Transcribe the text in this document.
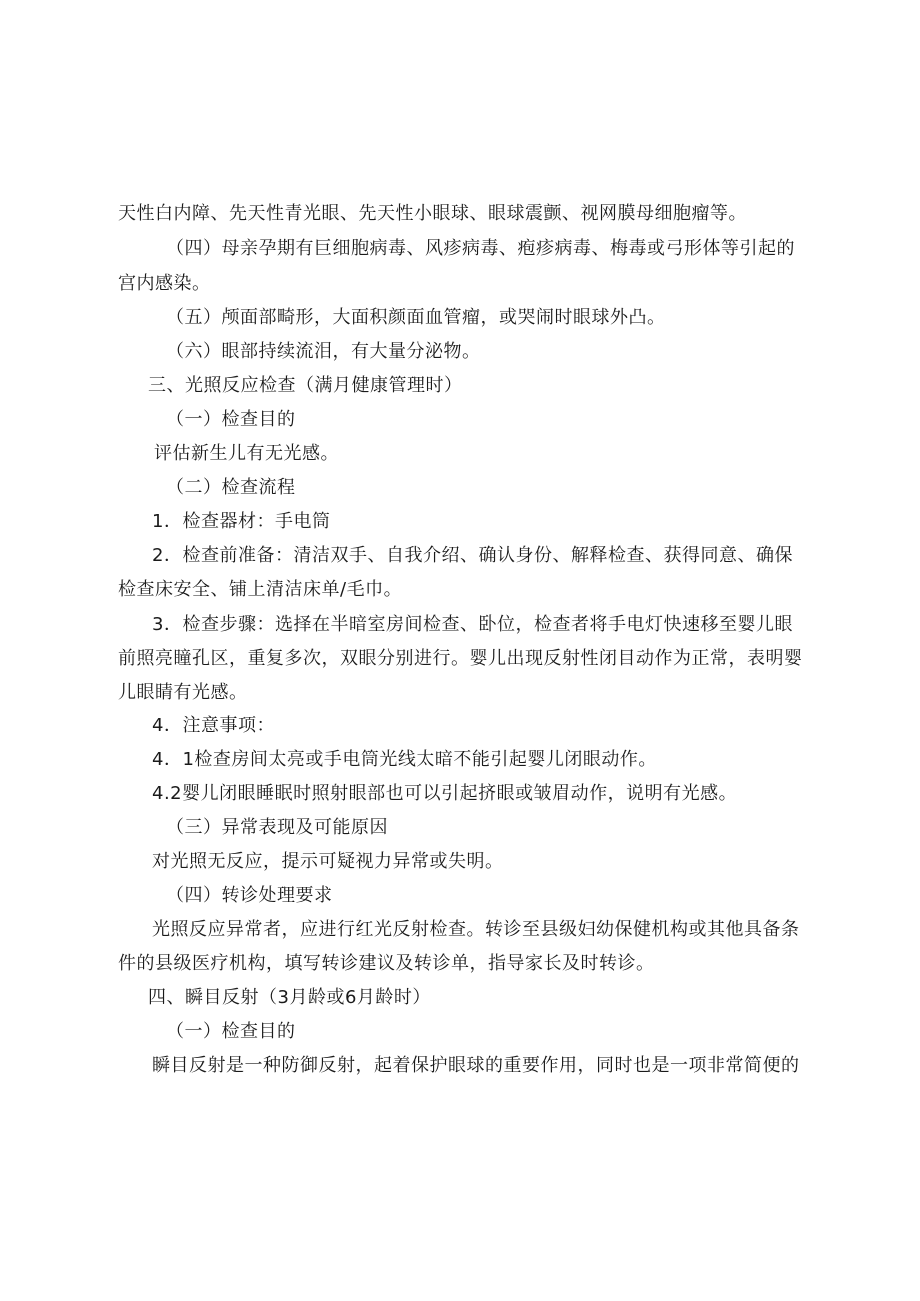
天性白内障、先天性青光眼、先天性小眼球、眼球震颤、视网膜母细胞瘤等。
（四）母亲孕期有巨细胞病毒、风疹病毒、疱疹病毒、梅毒或弓形体等引起的
宫内感染。
（五）颅面部畸形，大面积颜面血管瘤，或哭闹时眼球外凸。
（六）眼部持续流泪，有大量分泌物。
三、光照反应检查（满月健康管理时）
（一）检查目的
评估新生儿有无光感。
（二）检查流程
1．检查器材：手电筒
2．检查前准备：清洁双手、自我介绍、确认身份、解释检查、获得同意、确保
检查床安全、铺上清洁床单/毛巾。
3．检查步骤：选择在半暗室房间检查、卧位，检查者将手电灯快速移至婴儿眼
前照亮瞳孔区，重复多次，双眼分别进行。婴儿出现反射性闭目动作为正常，表明婴
儿眼睛有光感。
4．注意事项：
4．1检查房间太亮或手电筒光线太暗不能引起婴儿闭眼动作。
4.2婴儿闭眼睡眠时照射眼部也可以引起挤眼或皱眉动作，说明有光感。
（三）异常表现及可能原因
对光照无反应，提示可疑视力异常或失明。
（四）转诊处理要求
光照反应异常者，应进行红光反射检查。转诊至县级妇幼保健机构或其他具备条
件的县级医疗机构，填写转诊建议及转诊单，指导家长及时转诊。
四、瞬目反射（3月龄或6月龄时）
（一）检查目的
瞬目反射是一种防御反射，起着保护眼球的重要作用，同时也是一项非常简便的
